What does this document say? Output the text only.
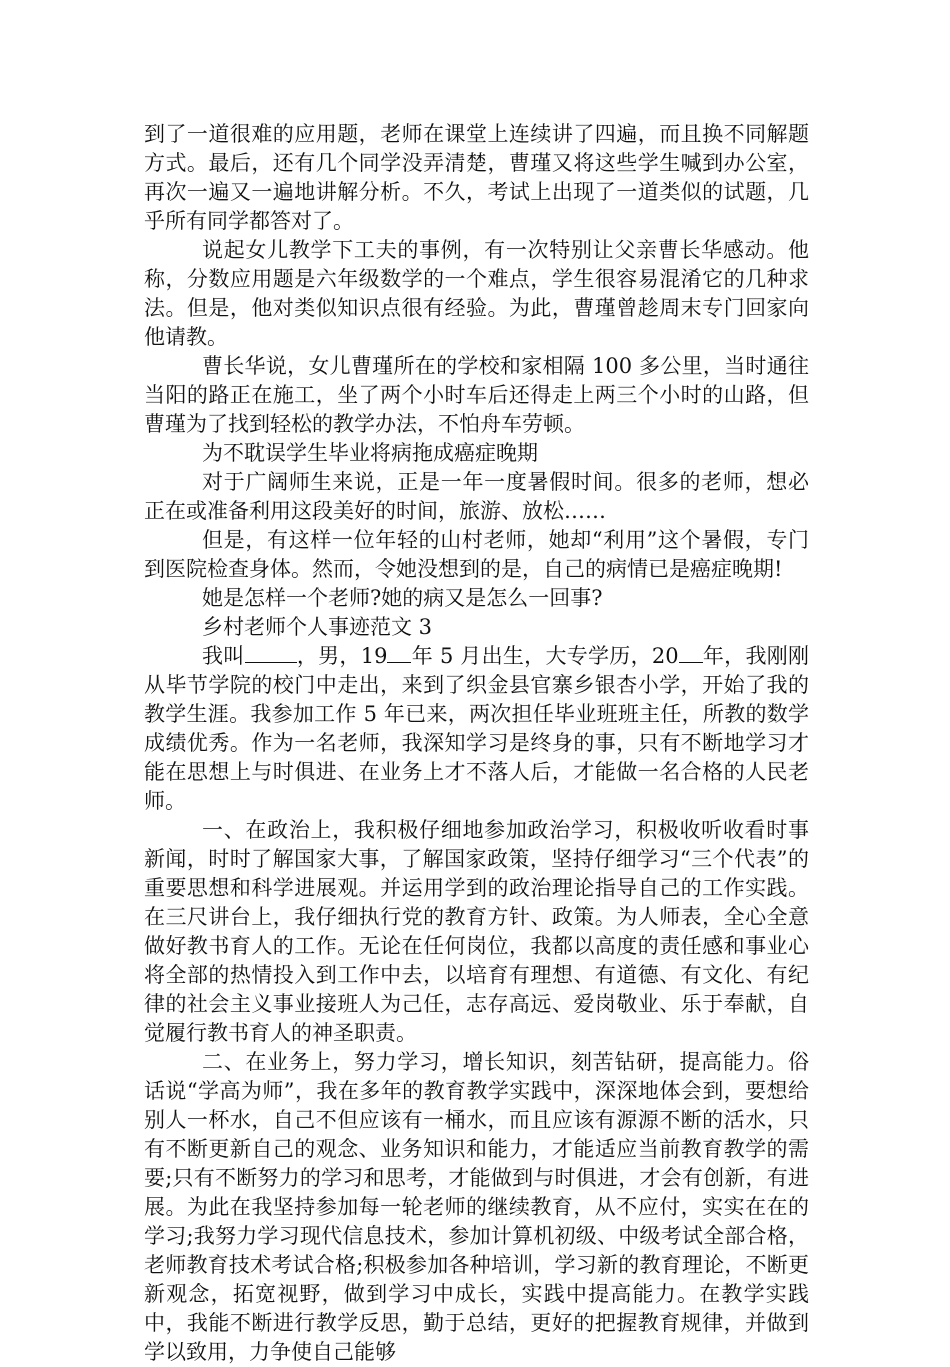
到了一道很难的应用题，老师在课堂上连续讲了四遍，而且换不同解题方式。最后，还有几个同学没弄清楚，曹瑾又将这些学生喊到办公室，再次一遍又一遍地讲解分析。不久，考试上出现了一道类似的试题，几乎所有同学都答对了。

说起女儿教学下工夫的事例，有一次特别让父亲曹长华感动。他称，分数应用题是六年级数学的一个难点，学生很容易混淆它的几种求法。但是，他对类似知识点很有经验。为此，曹瑾曾趁周末专门回家向他请教。

曹长华说，女儿曹瑾所在的学校和家相隔 100 多公里，当时通往当阳的路正在施工，坐了两个小时车后还得走上两三个小时的山路，但曹瑾为了找到轻松的教学办法，不怕舟车劳顿。

为不耽误学生毕业将病拖成癌症晚期

对于广阔师生来说，正是一年一度暑假时间。很多的老师，想必正在或准备利用这段美好的时间，旅游、放松……

但是，有这样一位年轻的山村老师，她却“利用”这个暑假，专门到医院检查身体。然而，令她没想到的是，自己的病情已是癌症晚期!

她是怎样一个老师?她的病又是怎么一回事?

乡村老师个人事迹范文 3

我叫 ，男，19 年 5 月出生，大专学历，20 年，我刚刚从毕节学院的校门中走出，来到了织金县官寨乡银杏小学，开始了我的教学生涯。我参加工作 5 年已来，两次担任毕业班班主任，所教的数学成绩优秀。作为一名老师，我深知学习是终身的事，只有不断地学习才能在思想上与时俱进、在业务上才不落人后，才能做一名合格的人民老师。

一、在政治上，我积极仔细地参加政治学习，积极收听收看时事新闻，时时了解国家大事，了解国家政策，坚持仔细学习“三个代表”的重要思想和科学进展观。并运用学到的政治理论指导自己的工作实践。在三尺讲台上，我仔细执行党的教育方针、政策。为人师表，全心全意做好教书育人的工作。无论在任何岗位，我都以高度的责任感和事业心将全部的热情投入到工作中去，以培育有理想、有道德、有文化、有纪律的社会主义事业接班人为己任，志存高远、爱岗敬业、乐于奉献，自觉履行教书育人的神圣职责。

二、在业务上，努力学习，增长知识，刻苦钻研，提高能力。俗话说“学高为师”，我在多年的教育教学实践中，深深地体会到，要想给别人一杯水，自己不但应该有一桶水，而且应该有源源不断的活水，只有不断更新自己的观念、业务知识和能力，才能适应当前教育教学的需要;只有不断努力的学习和思考，才能做到与时俱进，才会有创新，有进展。为此在我坚持参加每一轮老师的继续教育，从不应付，实实在在的学习;我努力学习现代信息技术，参加计算机初级、中级考试全部合格，老师教育技术考试合格;积极参加各种培训，学习新的教育理论，不断更新观念，拓宽视野，做到学习中成长，实践中提高能力。在教学实践中，我能不断进行教学反思，勤于总结，更好的把握教育规律，并做到学以致用，力争使自己能够
